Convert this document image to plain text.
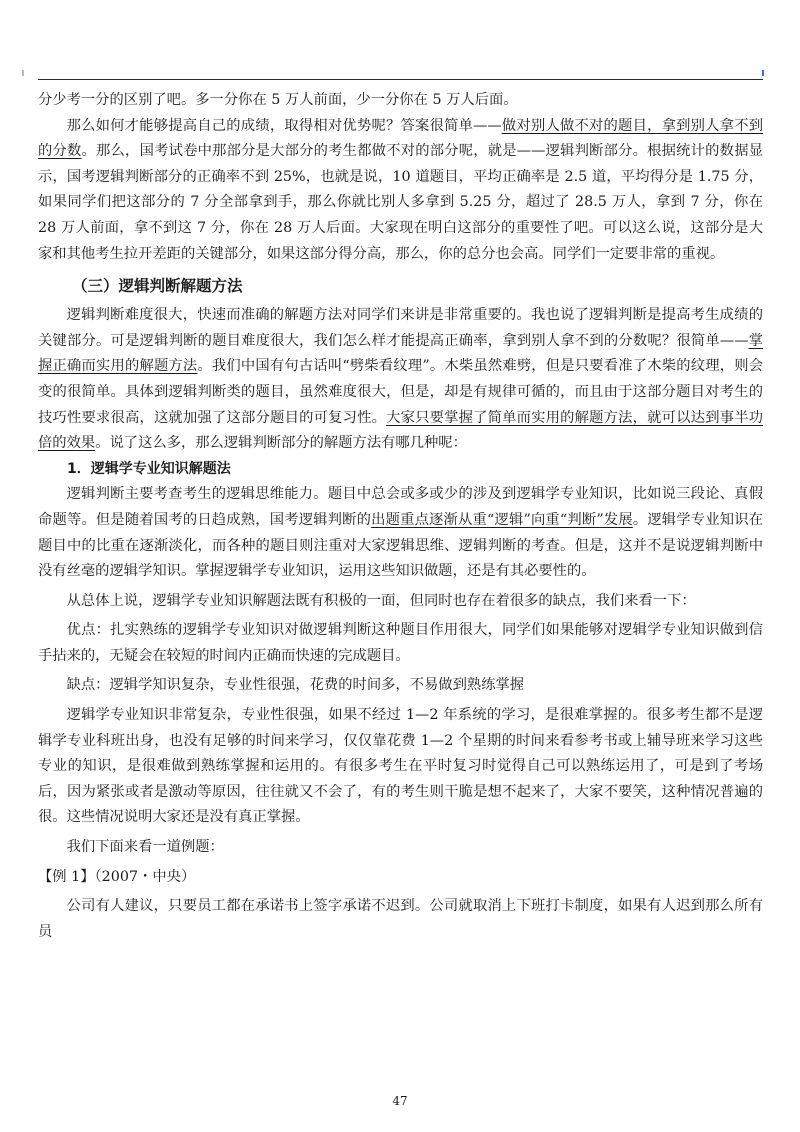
分少考一分的区别了吧。多一分你在 5 万人前面，少一分你在 5 万人后面。

那么如何才能够提高自己的成绩，取得相对优势呢？答案很简单——做对别人做不对的题目，拿到别人拿不到的分数。那么，国考试卷中那部分是大部分的考生都做不对的部分呢，就是——逻辑判断部分。根据统计的数据显示，国考逻辑判断部分的正确率不到 25%，也就是说，10 道题目，平均正确率是 2.5 道，平均得分是 1.75 分，如果同学们把这部分的 7 分全部拿到手，那么你就比别人多拿到 5.25 分，超过了 28.5 万人，拿到 7 分，你在 28 万人前面，拿不到这 7 分，你在 28 万人后面。大家现在明白这部分的重要性了吧。可以这么说，这部分是大家和其他考生拉开差距的关键部分，如果这部分得分高，那么，你的总分也会高。同学们一定要非常的重视。

（三）逻辑判断解题方法

逻辑判断难度很大，快速而准确的解题方法对同学们来讲是非常重要的。我也说了逻辑判断是提高考生成绩的关键部分。可是逻辑判断的题目难度很大，我们怎么样才能提高正确率，拿到别人拿不到的分数呢？很简单——掌握正确而实用的解题方法。我们中国有句古话叫“劈柴看纹理”。木柴虽然难劈，但是只要看准了木柴的纹理，则会变的很简单。具体到逻辑判断类的题目，虽然难度很大，但是，却是有规律可循的，而且由于这部分题目对考生的技巧性要求很高，这就加强了这部分题目的可复习性。大家只要掌握了简单而实用的解题方法，就可以达到事半功倍的效果。说了这么多，那么逻辑判断部分的解题方法有哪几种呢：

1．逻辑学专业知识解题法

逻辑判断主要考查考生的逻辑思维能力。题目中总会或多或少的涉及到逻辑学专业知识，比如说三段论、真假命题等。但是随着国考的日趋成熟，国考逻辑判断的出题重点逐渐从重“逻辑”向重“判断”发展。逻辑学专业知识在题目中的比重在逐渐淡化，而各种的题目则注重对大家逻辑思维、逻辑判断的考查。但是，这并不是说逻辑判断中没有丝毫的逻辑学知识。掌握逻辑学专业知识，运用这些知识做题，还是有其必要性的。

从总体上说，逻辑学专业知识解题法既有积极的一面，但同时也存在着很多的缺点，我们来看一下：

优点：扎实熟练的逻辑学专业知识对做逻辑判断这种题目作用很大，同学们如果能够对逻辑学专业知识做到信手拈来的，无疑会在较短的时间内正确而快速的完成题目。

缺点：逻辑学知识复杂，专业性很强，花费的时间多，不易做到熟练掌握

逻辑学专业知识非常复杂，专业性很强，如果不经过 1—2 年系统的学习，是很难掌握的。很多考生都不是逻辑学专业科班出身，也没有足够的时间来学习，仅仅靠花费 1—2 个星期的时间来看参考书或上辅导班来学习这些专业的知识，是很难做到熟练掌握和运用的。有很多考生在平时复习时觉得自己可以熟练运用了，可是到了考场后，因为紧张或者是激动等原因，往往就又不会了，有的考生则干脆是想不起来了，大家不要笑，这种情况普遍的很。这些情况说明大家还是没有真正掌握。

我们下面来看一道例题：

【例 1】（2007・中央）

公司有人建议，只要员工都在承诺书上签字承诺不迟到。公司就取消上下班打卡制度，如果有人迟到那么所有员

47
